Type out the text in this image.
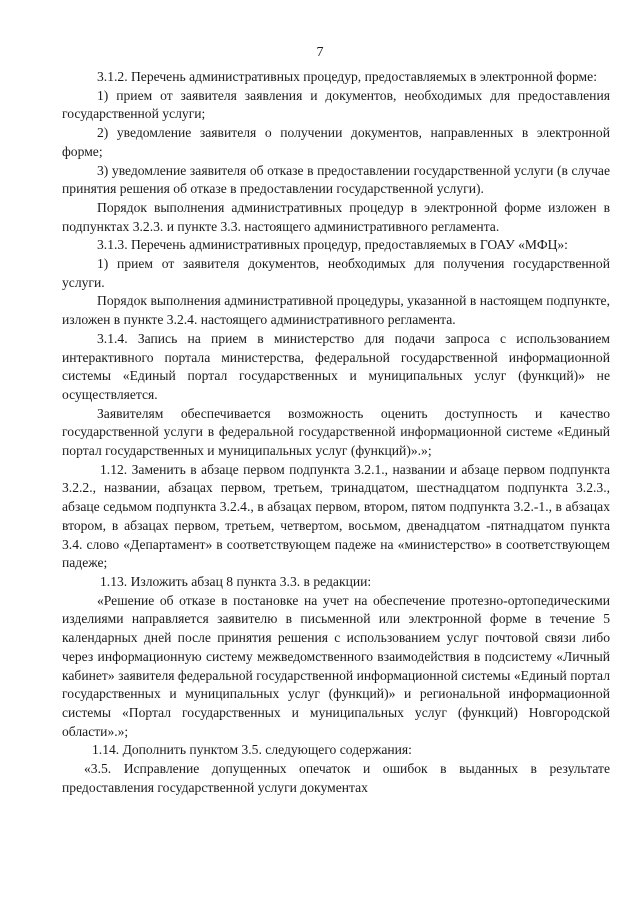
7

3.1.2. Перечень административных процедур, предоставляемых в электронной форме:

1) прием от заявителя заявления и документов, необходимых для предоставления государственной услуги;

2) уведомление заявителя о получении документов, направленных в электронной форме;

3) уведомление заявителя об отказе в предоставлении государственной услуги (в случае принятия решения об отказе в предоставлении государственной услуги).

Порядок выполнения административных процедур в электронной форме изложен в подпунктах 3.2.3. и пункте 3.3. настоящего административного регламента.

3.1.3. Перечень административных процедур, предоставляемых в ГОАУ «МФЦ»:

1) прием от заявителя документов, необходимых для получения государственной услуги.

Порядок выполнения административной процедуры, указанной в настоящем подпункте, изложен в пункте 3.2.4. настоящего административного регламента.

3.1.4. Запись на прием в министерство для подачи запроса с использованием интерактивного портала министерства, федеральной государственной информационной системы «Единый портал государственных и муниципальных услуг (функций)» не осуществляется.

Заявителям обеспечивается возможность оценить доступность и качество государственной услуги в федеральной государственной информационной системе «Единый портал государственных и муниципальных услуг (функций)».»;

1.12. Заменить в абзаце первом подпункта 3.2.1., названии и абзаце первом подпункта 3.2.2., названии, абзацах первом, третьем, тринадцатом, шестнадцатом подпункта 3.2.3., абзаце седьмом подпункта 3.2.4., в абзацах первом, втором, пятом подпункта 3.2.-1., в абзацах втором, в абзацах первом, третьем, четвертом, восьмом, двенадцатом -пятнадцатом пункта 3.4. слово «Департамент» в соответствующем падеже на «министерство» в соответствующем падеже;

1.13. Изложить абзац 8 пункта 3.3. в редакции:

«Решение об отказе в постановке на учет на обеспечение протезно-ортопедическими изделиями направляется заявителю в письменной или электронной форме в течение 5 календарных дней после принятия решения с использованием услуг почтовой связи либо через информационную систему межведомственного взаимодействия в подсистему «Личный кабинет» заявителя федеральной государственной информационной системы «Единый портал государственных и муниципальных услуг (функций)» и региональной информационной системы «Портал государственных и муниципальных услуг (функций) Новгородской области».»;

1.14. Дополнить пунктом 3.5. следующего содержания:

«3.5. Исправление допущенных опечаток и ошибок в выданных в результате предоставления государственной услуги документах
